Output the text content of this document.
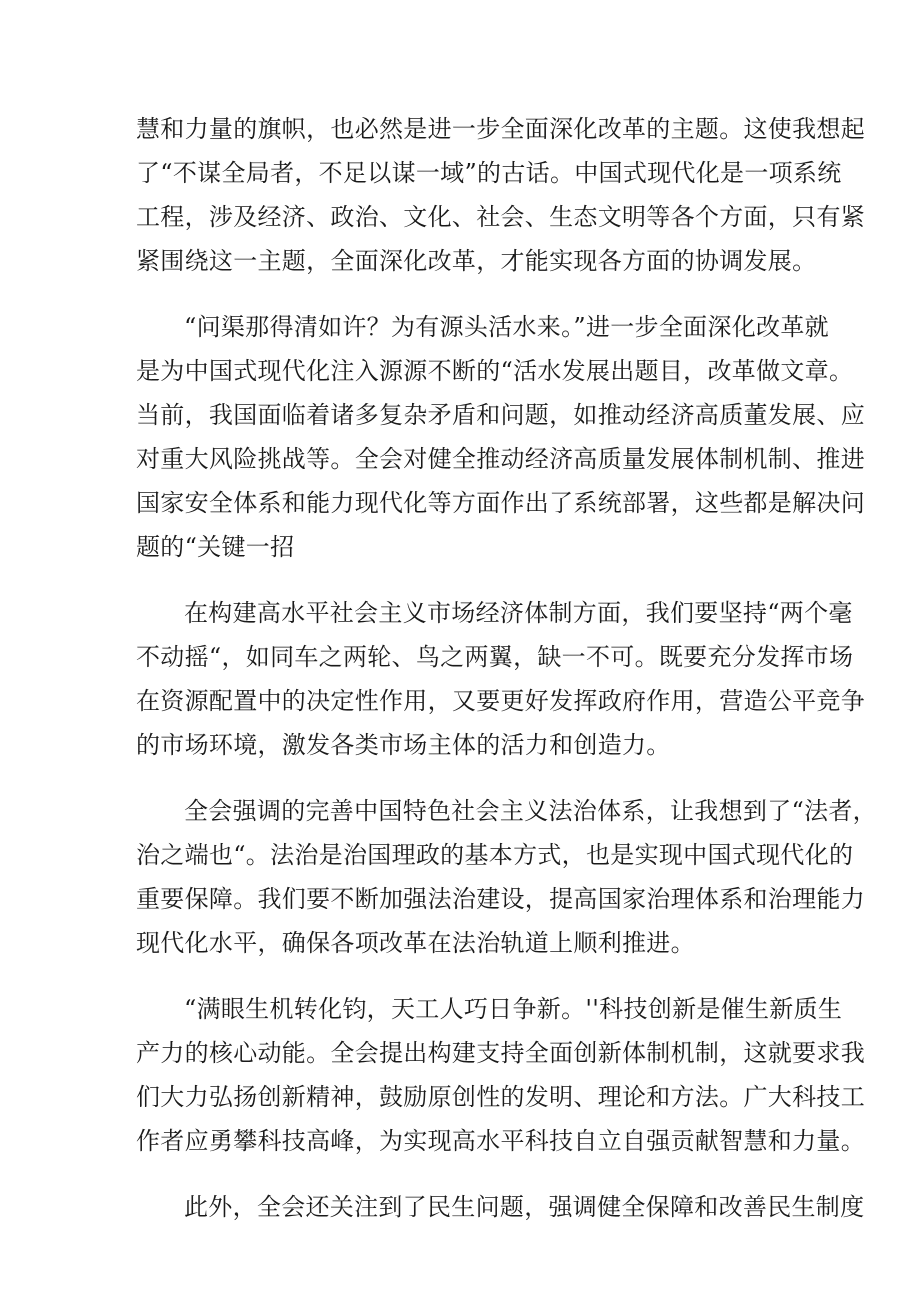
慧和力量的旗帜，也必然是进一步全面深化改革的主题。这使我想起
了“不谋全局者，不足以谋一域”的古话。中国式现代化是一项系统
工程，涉及经济、政治、文化、社会、生态文明等各个方面，只有紧
紧围绕这一主题，全面深化改革，才能实现各方面的协调发展。
“问渠那得清如许？为有源头活水来。”进一步全面深化改革就
是为中国式现代化注入源源不断的“活水发展出题目，改革做文章。
当前，我国面临着诸多复杂矛盾和问题，如推动经济高质董发展、应
对重大风险挑战等。全会对健全推动经济高质量发展体制机制、推进
国家安全体系和能力现代化等方面作出了系统部署，这些都是解决问
题的“关键一招
在构建高水平社会主义市场经济体制方面，我们要坚持“两个毫
不动摇“，如同车之两轮、鸟之两翼，缺一不可。既要充分发挥市场
在资源配置中的决定性作用，又要更好发挥政府作用，营造公平竞争
的市场环境，激发各类市场主体的活力和创造力。
全会强调的完善中国特色社会主义法治体系，让我想到了“法者，
治之端也“。法治是治国理政的基本方式，也是实现中国式现代化的
重要保障。我们要不断加强法治建设，提高国家治理体系和治理能力
现代化水平，确保各项改革在法治轨道上顺利推进。
“满眼生机转化钧，天工人巧日争新。''科技创新是催生新质生
产力的核心动能。全会提出构建支持全面创新体制机制，这就要求我
们大力弘扬创新精神，鼓励原创性的发明、理论和方法。广大科技工
作者应勇攀科技高峰，为实现高水平科技自立自强贡献智慧和力量。
此外，全会还关注到了民生问题，强调健全保障和改善民生制度
